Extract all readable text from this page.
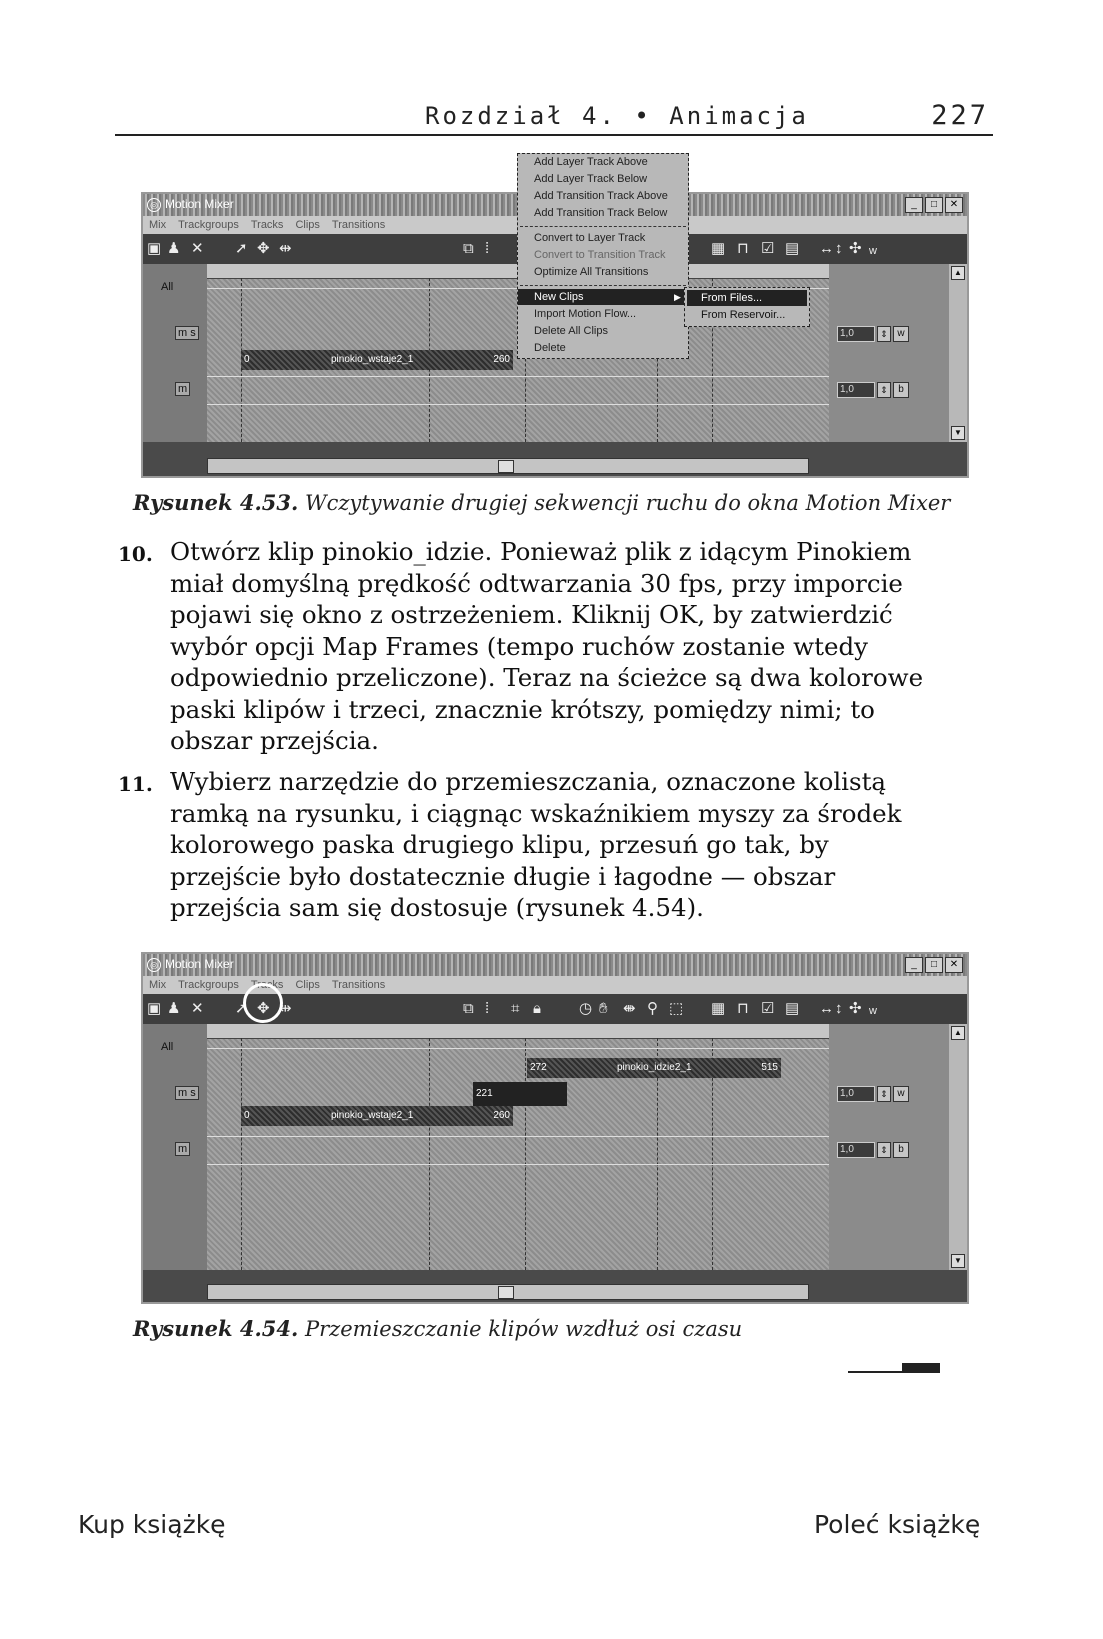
Rozdział 4. • Animacja	227
◎ Motion Mixer	_	□	✕
Mix Trackgroups Tracks Clips Transitions
▣ ♟ ✕ ➚ ✥ ⇹	⧉ ⁞	▦ ⊓ ☑ ▤ ↔ ↕ ✣ w
All
m s
m
0	pinokio_wstaje2_1	260
1,0	⇕ w
1,0	⇕	b
▲
▼
Add Layer Track Above
Add Layer Track Below
Add Transition Track Above
Add Transition Track Below
Convert to Layer Track
Convert to Transition Track
Optimize All Transitions
New Clips	▶
Import Motion Flow...
Delete All Clips
Delete
From Files...
From Reservoir...
Rysunek 4.53. Wczytywanie drugiej sekwencji ruchu do okna Motion Mixer
10. Otwórz klip pinokio_idzie. Ponieważ plik z idącym Pinokiem miał domyślną prędkość odtwarzania 30 fps, przy imporcie pojawi się okno z ostrzeżeniem. Kliknij OK, by zatwierdzić wybór opcji Map Frames (tempo ruchów zostanie wtedy odpowiednio przeliczone). Teraz na ścieżce są dwa kolorowe paski klipów i trzeci, znacznie krótszy, pomiędzy nimi; to obszar przejścia.
11. Wybierz narzędzie do przemieszczania, oznaczone kolistą ramką na rysunku, i ciągnąc wskaźnikiem myszy za środek kolorowego paska drugiego klipu, przesuń go tak, by przejście było dostatecznie długie i łagodne — obszar przejścia sam się dostosuje (rysunek 4.54).
◎ Motion Mixer	_	□	✕
Mix Trackgroups Tracks Clips Transitions
▣ ♟ ✕ ➚ ✥ ⇹	⧉ ⁞ ⌗ 🔒︎	◷ ✋︎ ⇼ ⚲ ⬚ ▦ ⊓ ☑ ▤ ↔ ↕ ✣ w
All
m s
m
272	pinokio_idzie2_1	515
221
0	pinokio_wstaje2_1	260
1,0	⇕ w
1,0	⇕	b
▲
▼
Rysunek 4.54. Przemieszczanie klipów wzdłuż osi czasu
Kup książkę	Poleć książkę
